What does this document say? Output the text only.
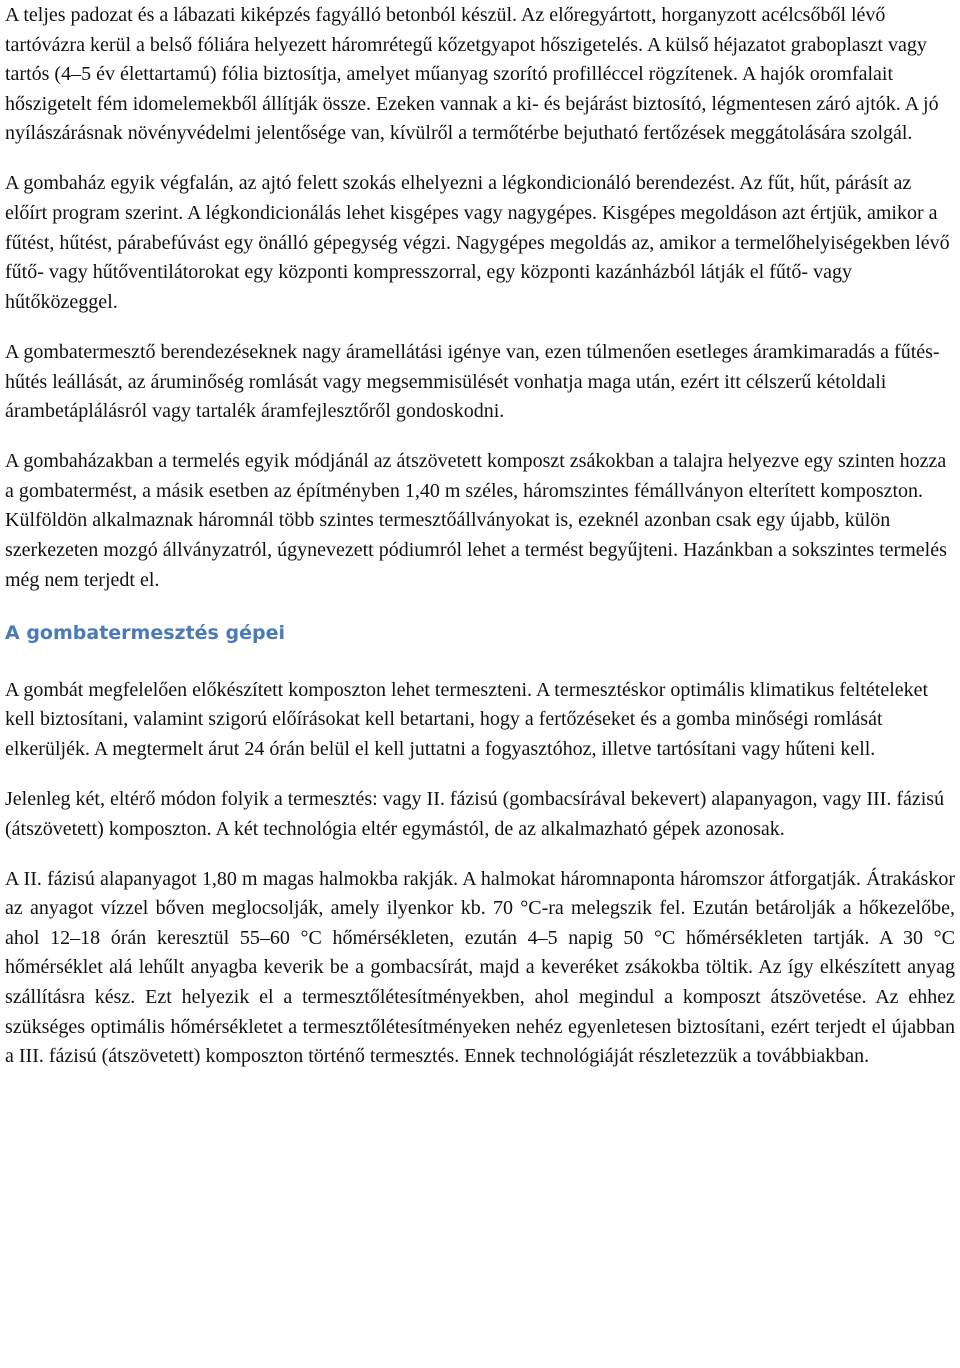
A teljes padozat és a lábazati kiképzés fagyálló betonból készül. Az előregyártott, horganyzott acélcsőből lévő tartóvázra kerül a belső fóliára helyezett háromrétegű kőzetgyapot hőszigetelés. A külső héjazatot graboplaszt vagy tartós (4–5 év élettartamú) fólia biztosítja, amelyet műanyag szorító profilléccel rögzítenek. A hajók oromfalait hőszigetelt fém idomelemekből állítják össze. Ezeken vannak a ki- és bejárást biztosító, légmentesen záró ajtók. A jó nyílászárásnak növényvédelmi jelentősége van, kívülről a termőtérbe bejutható fertőzések meggátolására szolgál.

A gombaház egyik végfalán, az ajtó felett szokás elhelyezni a légkondicionáló berendezést. Az fűt, hűt, párásít az előírt program szerint. A légkondicionálás lehet kisgépes vagy nagygépes. Kisgépes megoldáson azt értjük, amikor a fűtést, hűtést, párabefúvást egy önálló gépegység végzi. Nagygépes megoldás az, amikor a termelőhelyiségekben lévő fűtő- vagy hűtőventilátorokat egy központi kompresszorral, egy központi kazánházból látják el fűtő- vagy hűtőközeggel.

A gombatermesztő berendezéseknek nagy áramellátási igénye van, ezen túlmenően esetleges áramkimaradás a fűtés-hűtés leállását, az áruminőség romlását vagy megsemmisülését vonhatja maga után, ezért itt célszerű kétoldali árambetáplálásról vagy tartalék áramfejlesztőről gondoskodni.

A gombaházakban a termelés egyik módjánál az átszövetett komposzt zsákokban a talajra helyezve egy szinten hozza a gombatermést, a másik esetben az építményben 1,40 m széles, háromszintes fémállványon elterített komposzton. Külföldön alkalmaznak háromnál több szintes termesztőállványokat is, ezeknél azonban csak egy újabb, külön szerkezeten mozgó állványzatról, úgynevezett pódiumról lehet a termést begyűjteni. Hazánkban a sokszintes termelés még nem terjedt el.

A gombatermesztés gépei

A gombát megfelelően előkészített komposzton lehet termeszteni. A termesztéskor optimális klimatikus feltételeket kell biztosítani, valamint szigorú előírásokat kell betartani, hogy a fertőzéseket és a gomba minőségi romlását elkerüljék. A megtermelt árut 24 órán belül el kell juttatni a fogyasztóhoz, illetve tartósítani vagy hűteni kell.

Jelenleg két, eltérő módon folyik a termesztés: vagy II. fázisú (gombacsírával bekevert) alapanyagon, vagy III. fázisú (átszövetett) komposzton. A két technológia eltér egymástól, de az alkalmazható gépek azonosak.

A II. fázisú alapanyagot 1,80 m magas halmokba rakják. A halmokat háromnaponta háromszor átforgatják. Átrakáskor az anyagot vízzel bőven meglocsolják, amely ilyenkor kb. 70 °C-ra melegszik fel. Ezután betárolják a hőkezelőbe, ahol 12–18 órán keresztül 55–60 °C hőmérsékleten, ezután 4–5 napig 50 °C hőmérsékleten tartják. A 30 °C hőmérséklet alá lehűlt anyagba keverik be a gombacsírát, majd a keveréket zsákokba töltik. Az így elkészített anyag szállításra kész. Ezt helyezik el a termesztőlétesítményekben, ahol megindul a komposzt átszövetése. Az ehhez szükséges optimális hőmérsékletet a termesztőlétesítményeken nehéz egyenletesen biztosítani, ezért terjedt el újabban a III. fázisú (átszövetett) komposzton történő termesztés. Ennek technológiáját részletezzük a továbbiakban.
